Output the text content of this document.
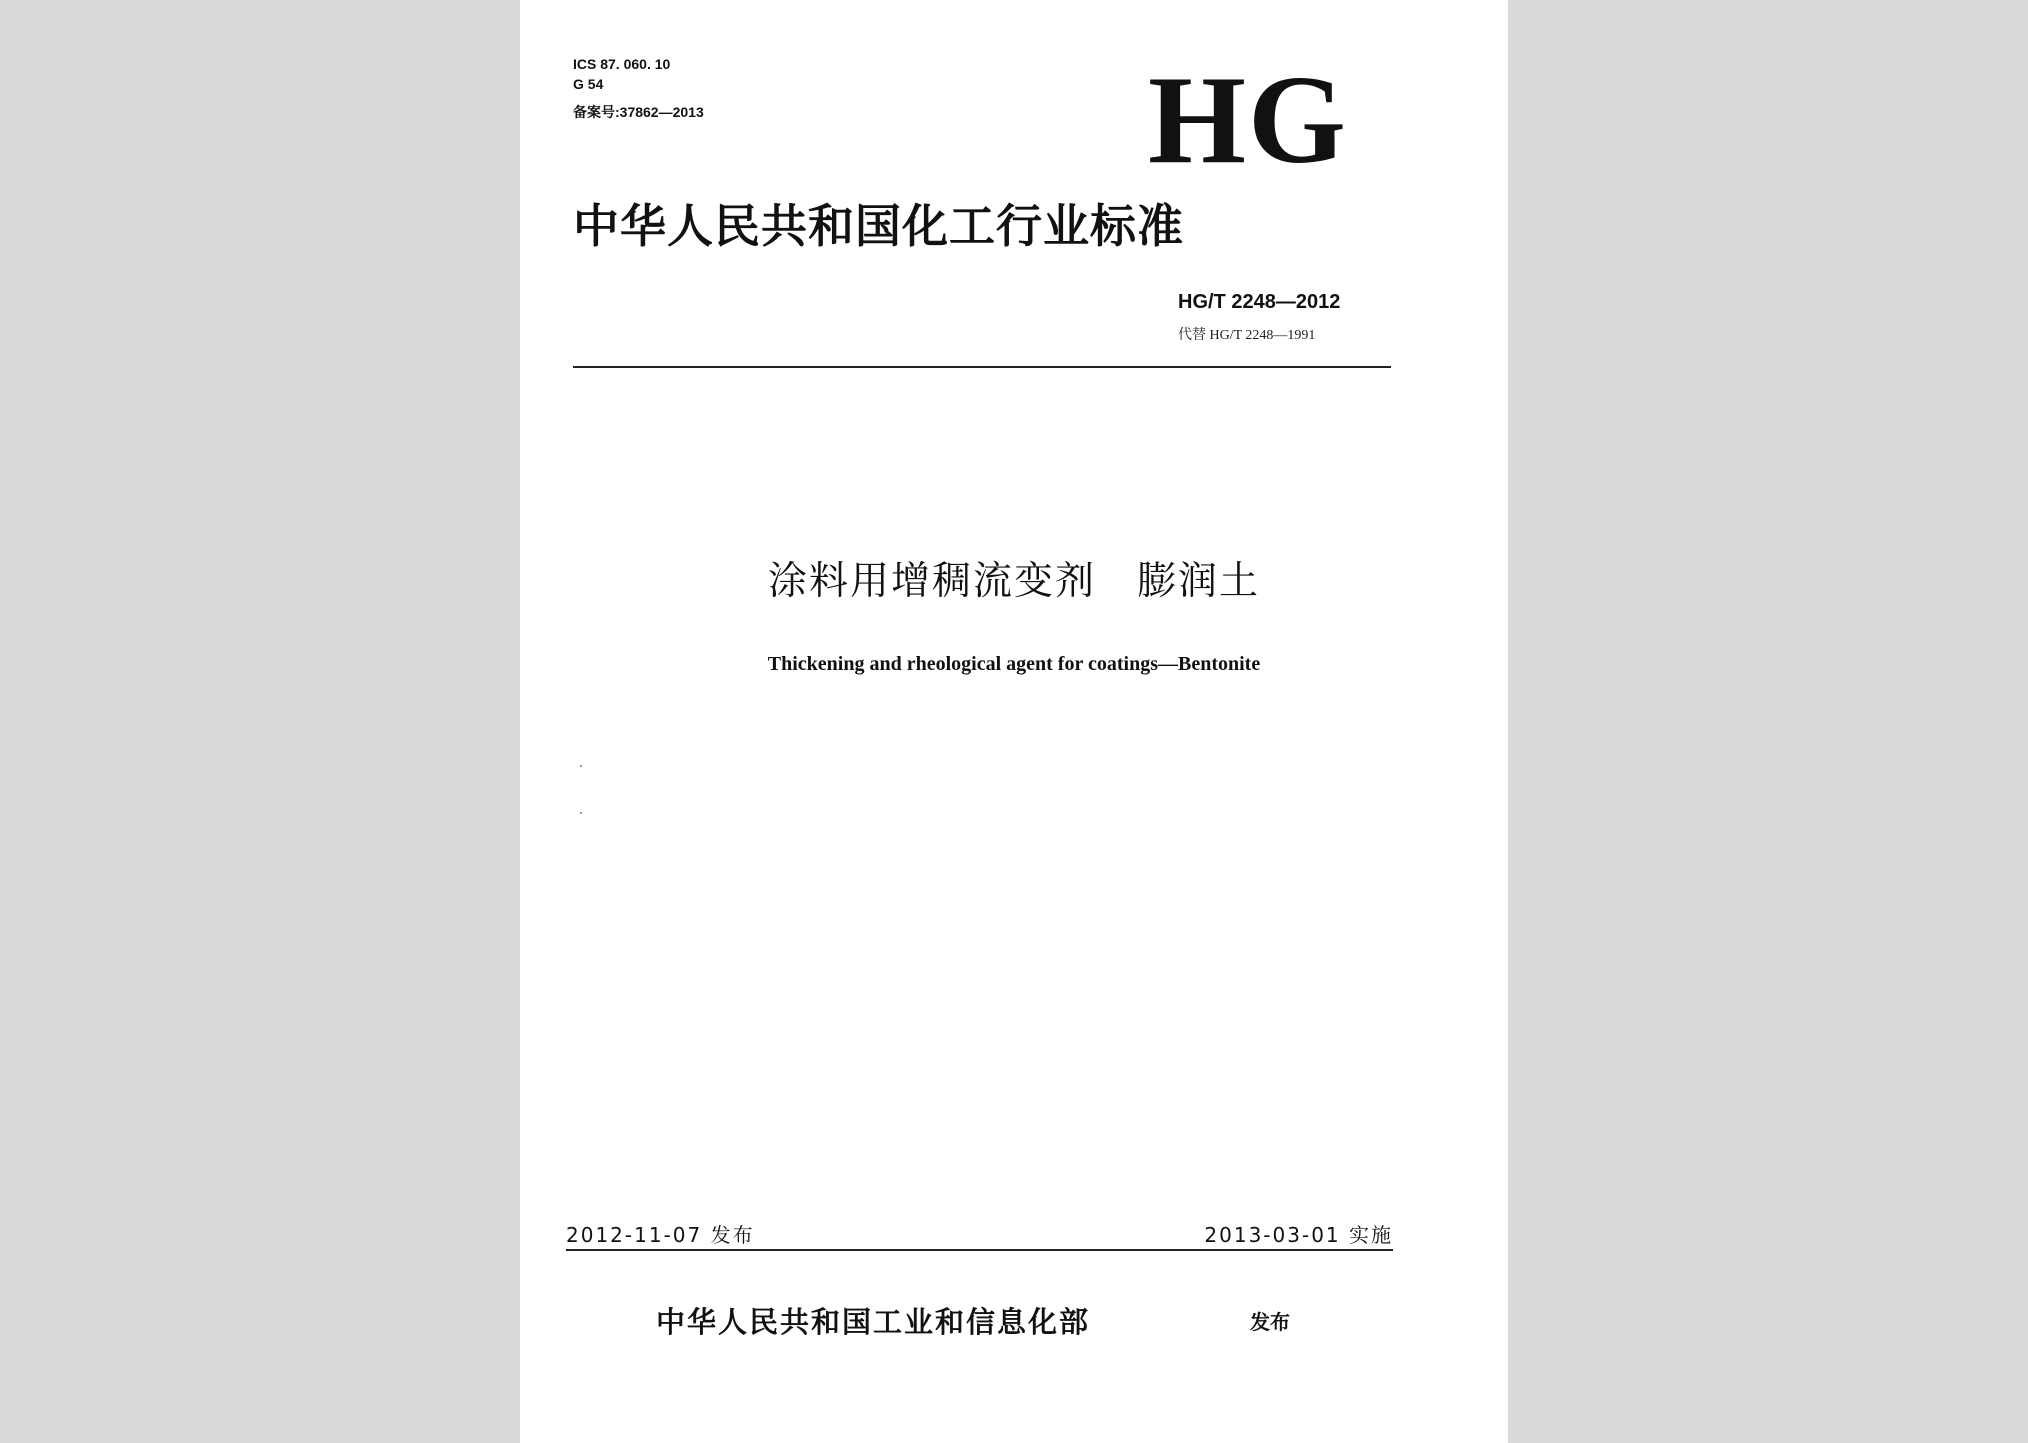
ICS 87. 060. 10
G 54
备案号:37862—2013	HG
中华人民共和国化工行业标准
HG/T 2248—2012
代替 HG/T 2248—1991
涂料用增稠流变剂　膨润土
Thickening and rheological agent for coatings—Bentonite
2012-11-07 发布	2013-03-01 实施
中华人民共和国工业和信息化部	发布
